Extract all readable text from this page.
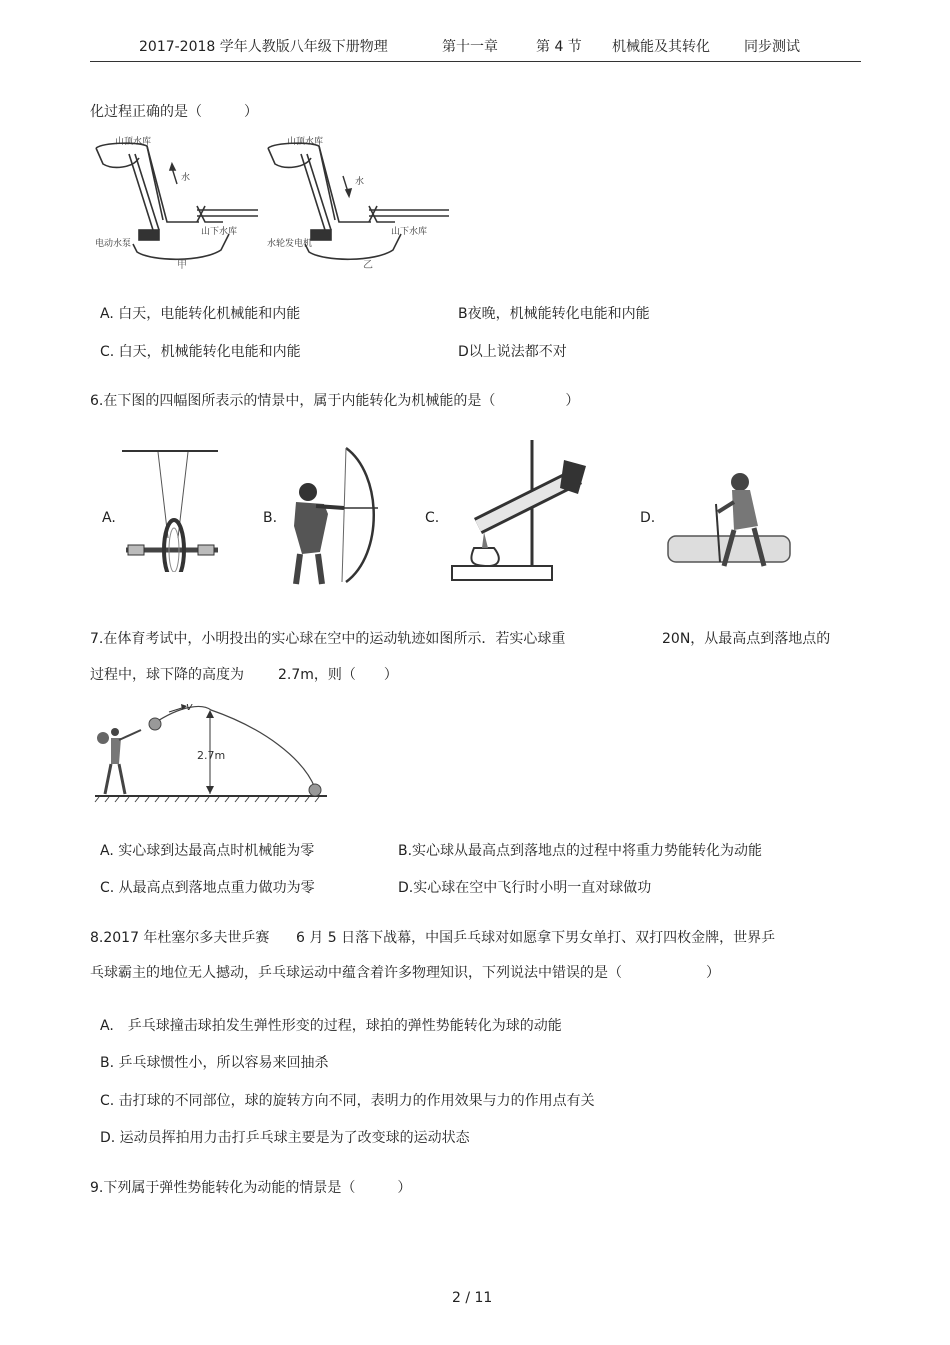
2017-2018 学年人教版八年级下册物理	第十一章	第 4 节 机械能及其转化 同步测试
化过程正确的是（　　　）
山顶水库
水
山下水库
电动水泵
甲
山顶水库
水
山下水库
水轮发电机
乙
A. 白天，电能转化机械能和内能	B夜晚，机械能转化电能和内能
C. 白天，机械能转化电能和内能	D以上说法都不对
6.在下图的四幅图所表示的情景中，属于内能转化为机械能的是（　　　　　）
A.	B.	C.	D.
7.在体育考试中，小明投出的实心球在空中的运动轨迹如图所示．若实心球重	20N，从最高点到落地点的
过程中，球下降的高度为 2.7m，则（　　）
v
2.7m
A. 实心球到达最高点时机械能为零	B.实心球从最高点到落地点的过程中将重力势能转化为动能
C. 从最高点到落地点重力做功为零	D.实心球在空中飞行时小明一直对球做功
8.2017 年杜塞尔多夫世乒赛 6 月 5 日落下战幕，中国乒乓球对如愿拿下男女单打、双打四枚金牌，世界乒
乓球霸主的地位无人撼动，乒乓球运动中蕴含着许多物理知识，下列说法中错误的是（　　　　　　）
A.　乒乓球撞击球拍发生弹性形变的过程，球拍的弹性势能转化为球的动能
B. 乒乓球惯性小，所以容易来回抽杀
C. 击打球的不同部位，球的旋转方向不同，表明力的作用效果与力的作用点有关
D. 运动员挥拍用力击打乒乓球主要是为了改变球的运动状态
9.下列属于弹性势能转化为动能的情景是（　　　）
2 / 11
